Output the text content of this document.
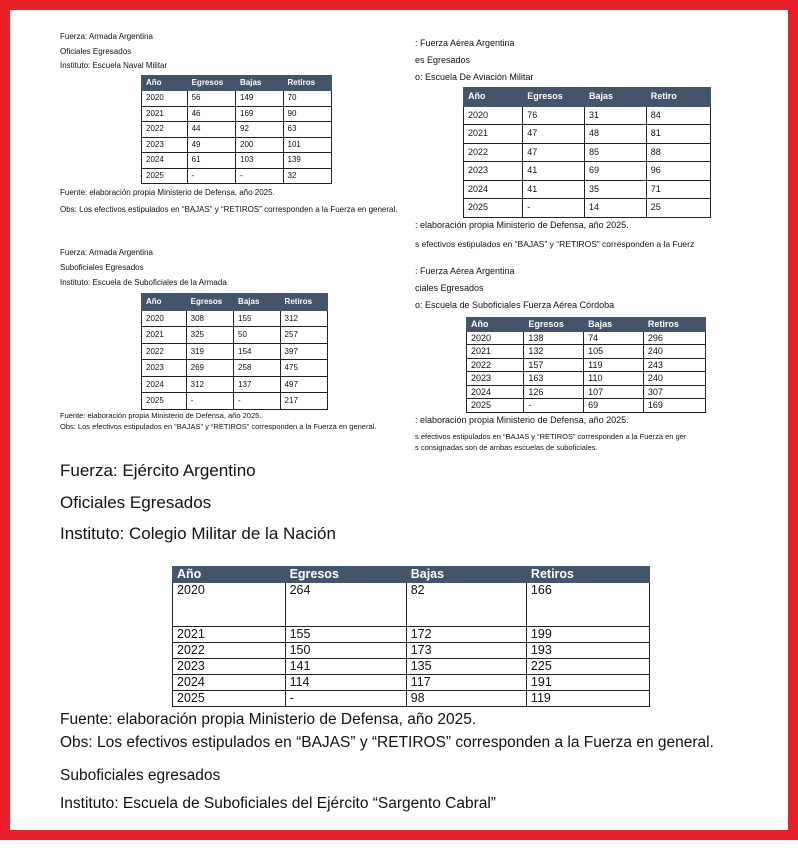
Fuerza: Armada Argentina

Oficiales Egresados

Instituto: Escuela Naval Militar

Año	Egresos	Bajas	Retiros
2020	56	149	70
2021	46	169	90
2022	44	92	63
2023	49	200	101
2024	61	103	139
2025	-	-	32

Fuente: elaboración propia Ministerio de Defensa, año 2025.

Obs: Los efectivos estipulados en “BAJAS” y “RETIROS” corresponden a la Fuerza en general.

Fuerza: Armada Argentina

Suboficiales Egresados

Instituto: Escuela de Suboficiales de la Armada

Año	Egresos	Bajas	Retiros
2020	308	155	312
2021	325	50	257
2022	319	154	397
2023	269	258	475
2024	312	137	497
2025	-	-	217

Fuente: elaboración propia Ministerio de Defensa, año 2025.

Obs: Los efectivos estipulados en “BAJAS” y “RETIROS” corresponden a la Fuerza en general.

: Fuerza Aérea Argentina

es Egresados

o: Escuela De Aviación Militar

Año	Egresos	Bajas	Retiro
2020	76	31	84
2021	47	48	81
2022	47	85	88
2023	41	69	96
2024	41	35	71
2025	-	14	25

: elaboración propia Ministerio de Defensa, año 2025.

s efectivos estipulados en “BAJAS” y “RETIROS” corresponden a la Fuerz

: Fuerza Aérea Argentina

ciales Egresados

o: Escuela de Suboficiales Fuerza Aérea Córdoba

Año	Egresos	Bajas	Retiros
2020	138	74	296
2021	132	105	240
2022	157	119	243
2023	163	110	240
2024	126	107	307
2025	-	69	169

: elaboración propia Ministerio de Defensa, año 2025.

s efectivos estipulados en “BAJAS y “RETIROS” corresponden a la Fuerza en ger

s consignadas son de ambas escuelas de suboficiales.

Fuerza: Ejército Argentino

Oficiales Egresados

Instituto: Colegio Militar de la Nación

Año	Egresos	Bajas	Retiros
2020	264	82	166
2021	155	172	199
2022	150	173	193
2023	141	135	225
2024	114	117	191
2025	-	98	119

Fuente: elaboración propia Ministerio de Defensa, año 2025.

Obs: Los efectivos estipulados en “BAJAS” y “RETIROS” corresponden a la Fuerza en general.

Suboficiales egresados

Instituto: Escuela de Suboficiales del Ejército “Sargento Cabral”
